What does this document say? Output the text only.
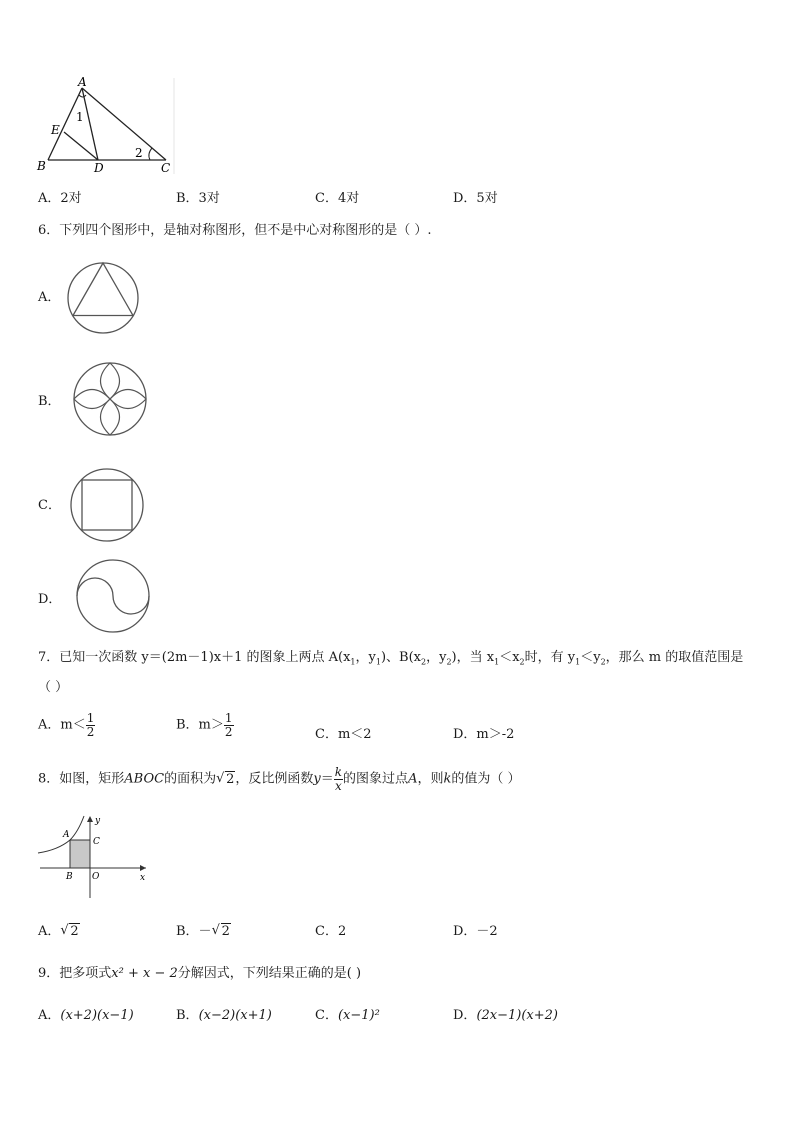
A
1
E
B	D
2
C
A．2对	B．3对	C．4对	D．5对
6．下列四个图形中，是轴对称图形，但不是中心对称图形的是（ ）.
A．
B．
C．
D．
7．已知一次函数 y＝(2m－1)x＋1 的图象上两点 $A(x_1$，$y_1$)、$B(x_2$，$y_2$)，当 $x_1<x_2$时，有 $y_1<y_2$，那么 m 的取值范围是
（ ）
A．$m< \frac{1}{2}$	B．$m> \frac{1}{2}$	C．m＜2	D．m＞-2
8．如图，矩形ABOC的面积为 √ 2，反比例函数$y= \frac{k}{x}$ 的图象过点A，则k的值为（ ）
y
A
C
B O	x
A． √ 2	B．－ √ 2	C．2	D．－2
9．把多项式x² + x − 2分解因式，下列结果正确的是( )
A．(x+2)(x−1)	B．(x−2)(x+1)	C．(x−1)²	D．(2x−1)(x+2)
